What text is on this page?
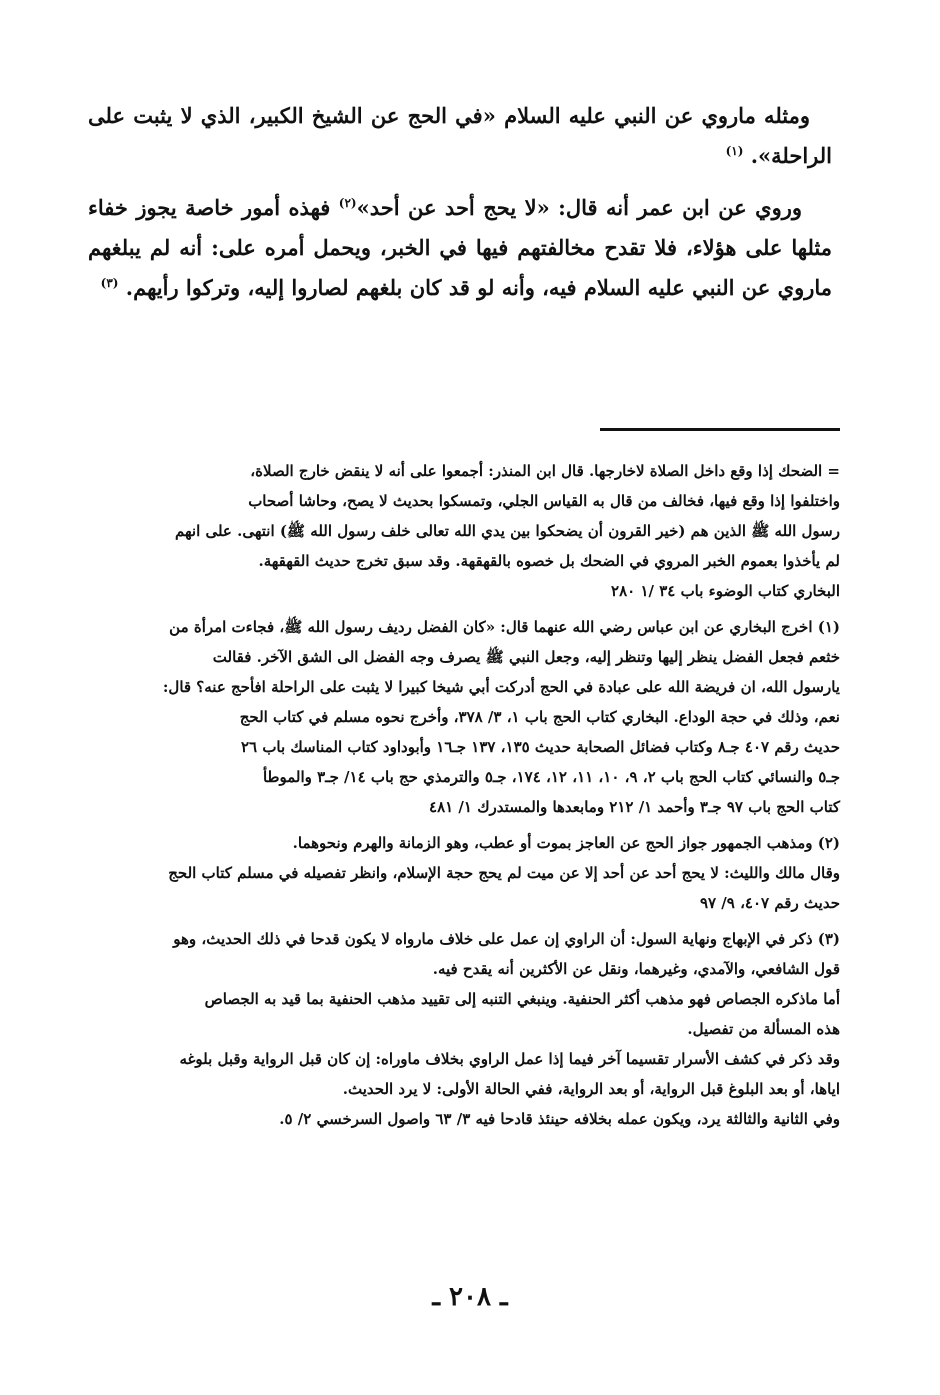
ومثله ماروي عن النبي عليه السلام «في الحج عن الشيخ الكبير، الذي لا يثبت على الراحلة». $^{(١)}$

وروي عن ابن عمر أنه قال: «لا يحج أحد عن أحد»$^{(٢)}$ فهذه أمور خاصة يجوز خفاء مثلها على هؤلاء، فلا تقدح مخالفتهم فيها في الخبر، ويحمل أمره على: أنه لم يبلغهم ماروي عن النبي عليه السلام فيه، وأنه لو قد كان بلغهم لصاروا إليه، وتركوا رأيهم. $^{(٣)}$

= الضحك إذا وقع داخل الصلاة لاخارجها. قال ابن المنذر: أجمعوا على أنه لا ينقض خارج الصلاة،
واختلفوا إذا وقع فيها، فخالف من قال به القياس الجلي، وتمسكوا بحديث لا يصح، وحاشا أصحاب
رسول الله ﷺ الذين هم (خير القرون أن يضحكوا بين يدي الله تعالى خلف رسول الله ﷺ) انتهى. على انهم
لم يأخذوا بعموم الخبر المروي في الضحك بل خصوه بالقهقهة. وقد سبق تخرج حديث القهقهة.
البخاري كتاب الوضوء باب ٣٤ /١ ٢٨٠
(١) اخرج البخاري عن ابن عباس رضي الله عنهما قال: «كان الفضل رديف رسول الله ﷺ، فجاءت امرأة من
خثعم فجعل الفضل ينظر إليها وتنظر إليه، وجعل النبي ﷺ يصرف وجه الفضل الى الشق الآخر. فقالت
يارسول الله، ان فريضة الله على عبادة في الحج أدركت أبي شيخا كبيرا لا يثبت على الراحلة افأحج عنه؟ قال:
نعم، وذلك في حجة الوداع. البخاري كتاب الحج باب ١، ٣/ ٣٧٨، وأخرج نحوه مسلم في كتاب الحج
حديث رقم ٤٠٧ جـ٨ وكتاب فضائل الصحابة حديث ١٣٥، ١٣٧ جـ١٦ وأبوداود كتاب المناسك باب ٢٦
جـ٥ والنسائي كتاب الحج باب ٢، ٩، ١٠، ١١، ١٢، ١٧٤، جـ٥ والترمذي حج باب ١٤/ جـ٣ والموطأ
كتاب الحج باب ٩٧ جـ٣ وأحمد ١/ ٢١٢ ومابعدها والمستدرك ١/ ٤٨١
(٢) ومذهب الجمهور جواز الحج عن العاجز بموت أو عطب، وهو الزمانة والهرم ونحوهما.
وقال مالك والليث: لا يحج أحد عن أحد إلا عن ميت لم يحج حجة الإسلام، وانظر تفصيله في مسلم كتاب الحج
حديث رقم ٤٠٧، ٩/ ٩٧
(٣) ذكر في الإبهاج ونهاية السول: أن الراوي إن عمل على خلاف مارواه لا يكون قدحا في ذلك الحديث، وهو
قول الشافعي، والآمدي، وغيرهما، ونقل عن الأكثرين أنه يقدح فيه.
أما ماذكره الجصاص فهو مذهب أكثر الحنفية. وينبغي التنبه إلى تقييد مذهب الحنفية بما قيد به الجصاص
هذه المسألة من تفصيل.
وقد ذكر في كشف الأسرار تقسيما آخر فيما إذا عمل الراوي بخلاف ماوراه: إن كان قبل الرواية وقبل بلوغه
اياها، أو بعد البلوغ قبل الرواية، أو بعد الرواية، ففي الحالة الأولى: لا يرد الحديث.
وفي الثانية والثالثة يرد، ويكون عمله بخلافه حينئذ قادحا فيه ٣/ ٦٣ واصول السرخسي ٢/ ٥.
ـ ٢٠٨ ـ
